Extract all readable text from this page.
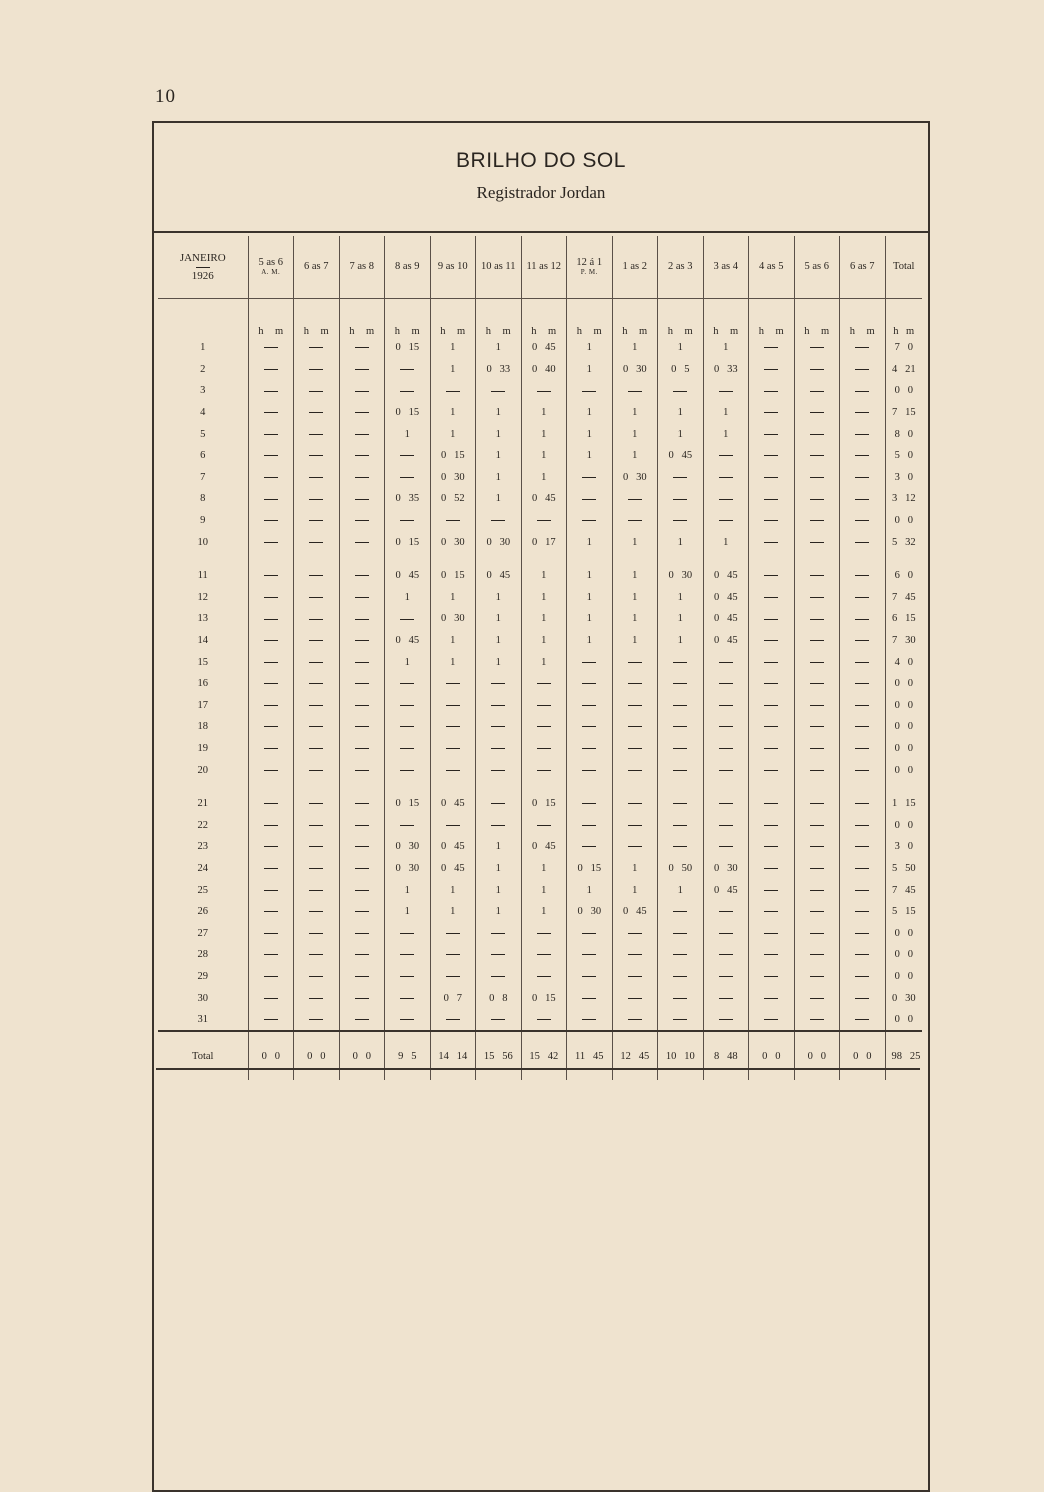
10
BRILHO DO SOL
Registrador Jordan
JANEIRO
1926	5 as 6
A. M.	6 as 7	7 as 8	8 as 9	9 as 10	10 as 11	11 as 12	12 á 1
P. M.	1 as 2	2 as 3	3 as 4	4 as 5	5 as 6	6 as 7	Total

	h m	h m	h m	h m	h m	h m	h m	h m	h m	h m	h m	h m	h m	h m	h m

1				0   15	1	1	0   45	1	1	1	1				7   0

2					1	0   33	0   40	1	0   30	0   5	0   33				4   21

3															0   0

4				0   15	1	1	1	1	1	1	1				7   15

5				1	1	1	1	1	1	1	1				8   0

6					0   15	1	1	1	1	0   45					5   0

7					0   30	1	1		0   30						3   0

8				0   35	0   52	1	0   45								3   12

9															0   0

10				0   15	0   30	0   30	0   17	1	1	1	1				5   32

11				0   45	0   15	0   45	1	1	1	0   30	0   45				6   0

12				1	1	1	1	1	1	1	0   45				7   45

13					0   30	1	1	1	1	1	0   45				6   15

14				0   45	1	1	1	1	1	1	0   45				7   30

15				1	1	1	1								4   0

16															0   0

17															0   0

18															0   0

19															0   0

20															0   0

21				0   15	0   45		0   15								1   15

22															0   0

23				0   30	0   45	1	0   45								3   0

24				0   30	0   45	1	1	0   15	1	0   50	0   30				5   50

25				1	1	1	1	1	1	1	0   45				7   45

26				1	1	1	1	0   30	0   45						5   15

27															0   0

28															0   0

29															0   0

30					0   7	0   8	0   15								0   30

31															0   0

Total	0   0	0   0	0   0	9   5	14   14	15   56	15   42	11   45	12   45	10   10	8   48	0   0	0   0	0   0	98   25
